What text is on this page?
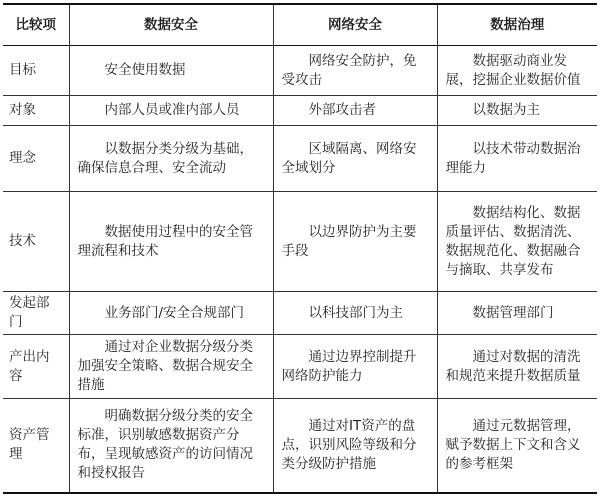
比较项	数据安全	网络安全	数据治理
目标	安全使用数据	网络安全防护，免受攻击	数据驱动商业发展，挖掘企业数据价值

对象	内部人员或准内部人员	外部攻击者	以数据为主

理念	以数据分类分级为基础，确保信息合理、安全流动	区域隔离、网络安全域划分	以技术带动数据治理能力

技术	数据使用过程中的安全管理流程和技术	以边界防护为主要手段	数据结构化、数据质量评估、数据清洗、数据规范化、数据融合与摘取、共享发布

发起部门	业务部门/安全合规部门	以科技部门为主	数据管理部门

产出内容	通过对企业数据分级分类加强安全策略、数据合规安全措施	通过边界控制提升网络防护能力	通过对数据的清洗和规范来提升数据质量

资产管理	明确数据分级分类的安全标准，识别敏感数据资产分布，呈现敏感资产的访问情况和授权报告	通过对IT资产的盘点，识别风险等级和分类分级防护措施	通过元数据管理，赋予数据上下文和含义的参考框架
